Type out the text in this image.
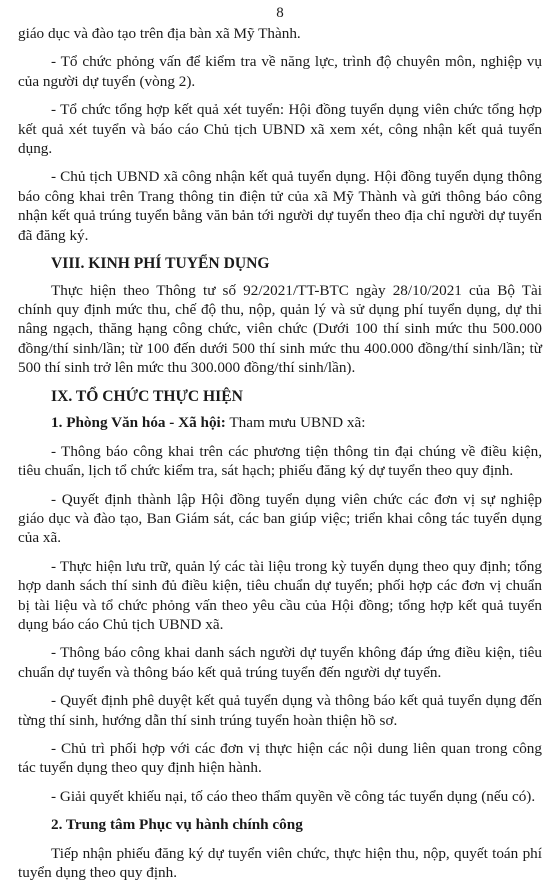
8

giáo dục và đào tạo trên địa bàn xã Mỹ Thành.

- Tổ chức phỏng vấn để kiểm tra về năng lực, trình độ chuyên môn, nghiệp vụ của người dự tuyển (vòng 2).

- Tổ chức tổng hợp kết quả xét tuyển: Hội đồng tuyển dụng viên chức tổng hợp kết quả xét tuyển và báo cáo Chủ tịch UBND xã xem xét, công nhận kết quả tuyển dụng.

- Chủ tịch UBND xã công nhận kết quả tuyển dụng. Hội đồng tuyển dụng thông báo công khai trên Trang thông tin điện tử của xã Mỹ Thành và gửi thông báo công nhận kết quả trúng tuyển bằng văn bản tới người dự tuyển theo địa chỉ người dự tuyển đã đăng ký.

VIII. KINH PHÍ TUYỂN DỤNG

Thực hiện theo Thông tư số 92/2021/TT-BTC ngày 28/10/2021 của Bộ Tài chính quy định mức thu, chế độ thu, nộp, quản lý và sử dụng phí tuyển dụng, dự thi nâng ngạch, thăng hạng công chức, viên chức (Dưới 100 thí sinh mức thu 500.000 đồng/thí sinh/lần; từ 100 đến dưới 500 thí sinh mức thu 400.000 đồng/thí sinh/lần; từ 500 thí sinh trở lên mức thu 300.000 đồng/thí sinh/lần).

IX. TỔ CHỨC THỰC HIỆN

1. Phòng Văn hóa - Xã hội: Tham mưu UBND xã:

- Thông báo công khai trên các phương tiện thông tin đại chúng về điều kiện, tiêu chuẩn, lịch tổ chức kiểm tra, sát hạch; phiếu đăng ký dự tuyển theo quy định.

- Quyết định thành lập Hội đồng tuyển dụng viên chức các đơn vị sự nghiệp giáo dục và đào tạo, Ban Giám sát, các ban giúp việc; triển khai công tác tuyển dụng của xã.

- Thực hiện lưu trữ, quản lý các tài liệu trong kỳ tuyển dụng theo quy định; tổng hợp danh sách thí sinh đủ điều kiện, tiêu chuẩn dự tuyển; phối hợp các đơn vị chuẩn bị tài liệu và tổ chức phỏng vấn theo yêu cầu của Hội đồng; tổng hợp kết quả tuyển dụng báo cáo Chủ tịch UBND xã.

- Thông báo công khai danh sách người dự tuyển không đáp ứng điều kiện, tiêu chuẩn dự tuyển và thông báo kết quả trúng tuyển đến người dự tuyển.

- Quyết định phê duyệt kết quả tuyển dụng và thông báo kết quả tuyển dụng đến từng thí sinh, hướng dẫn thí sinh trúng tuyển hoàn thiện hồ sơ.

- Chủ trì phối hợp với các đơn vị thực hiện các nội dung liên quan trong công tác tuyển dụng theo quy định hiện hành.

- Giải quyết khiếu nại, tố cáo theo thẩm quyền về công tác tuyển dụng (nếu có).

2. Trung tâm Phục vụ hành chính công

Tiếp nhận phiếu đăng ký dự tuyển viên chức, thực hiện thu, nộp, quyết toán phí tuyển dụng theo quy định.
